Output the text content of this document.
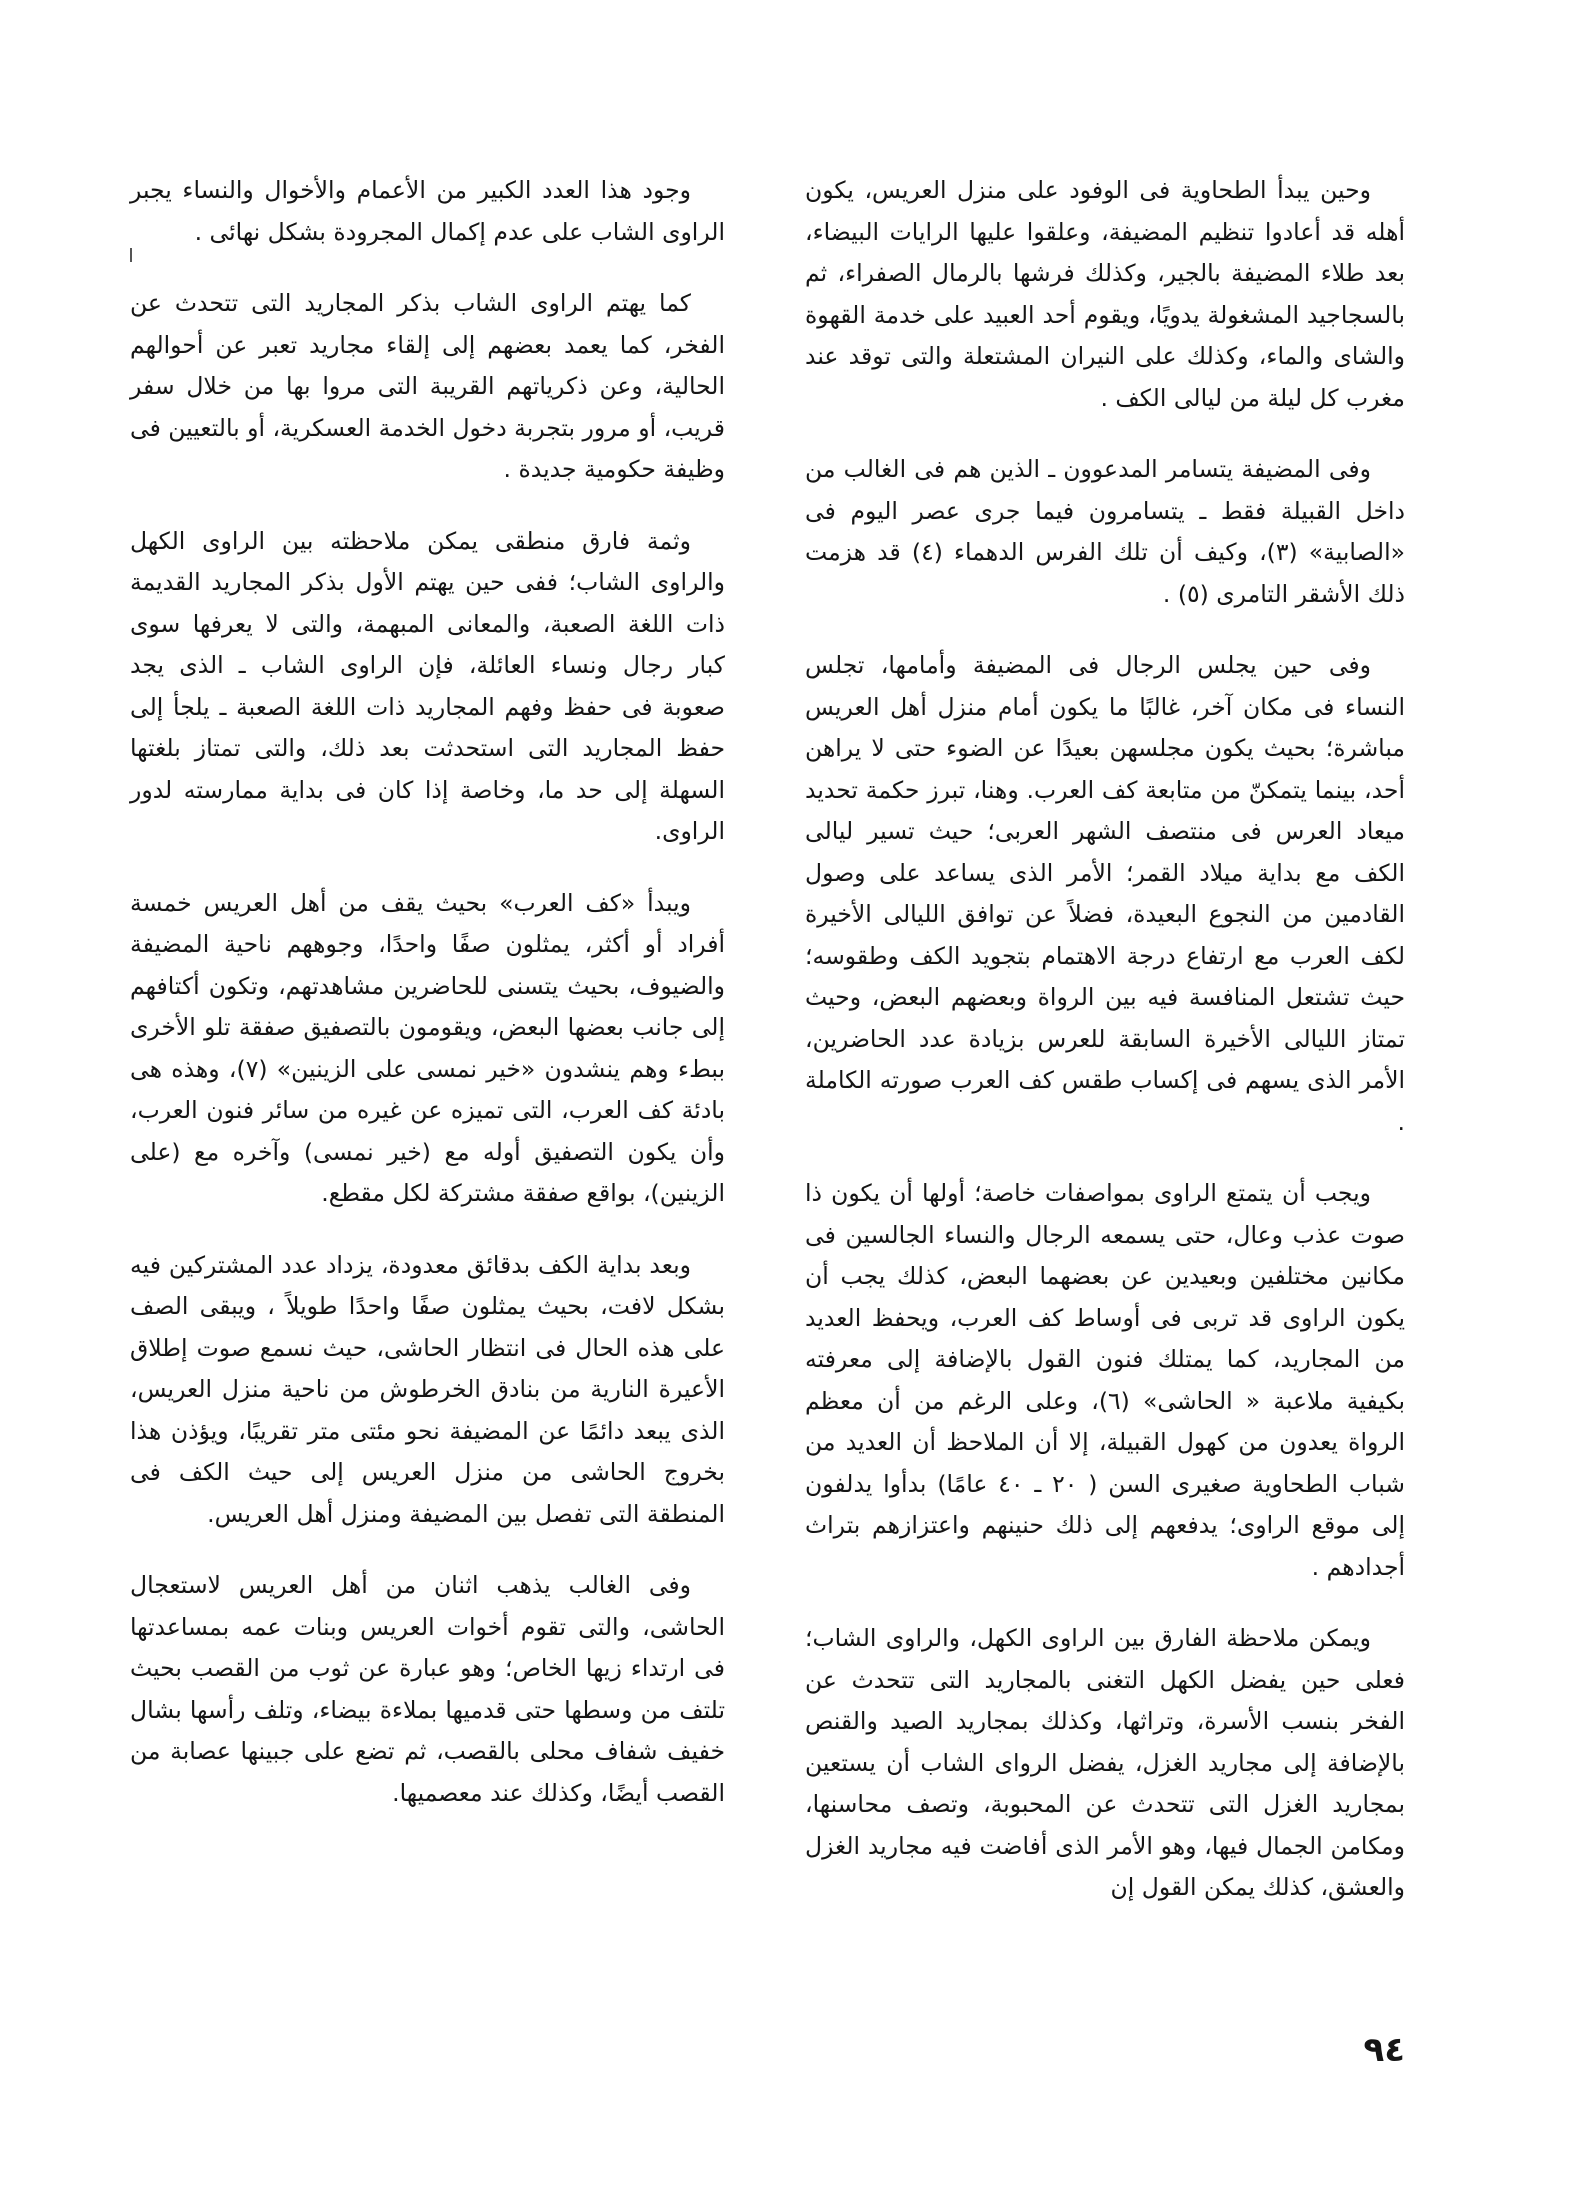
وحين يبدأ الطحاوية فى الوفود على منزل العريس، يكون أهله قد أعادوا تنظيم المضيفة، وعلقوا عليها الرايات البيضاء، بعد طلاء المضيفة بالجير، وكذلك فرشها بالرمال الصفراء، ثم بالسجاجيد المشغولة يدويًا، ويقوم أحد العبيد على خدمة القهوة والشاى والماء، وكذلك على النيران المشتعلة والتى توقد عند مغرب كل ليلة من ليالى الكف .

وفى المضيفة يتسامر المدعوون ـ الذين هم فى الغالب من داخل القبيلة فقط ـ يتسامرون فيما جرى عصر اليوم فى «الصابية» (٣)، وكيف أن تلك الفرس الدهماء (٤) قد هزمت ذلك الأشقر التامرى (٥) .

وفى حين يجلس الرجال فى المضيفة وأمامها، تجلس النساء فى مكان آخر، غالبًا ما يكون أمام منزل أهل العريس مباشرة؛ بحيث يكون مجلسهن بعيدًا عن الضوء حتى لا يراهن أحد، بينما يتمكنّ من متابعة كف العرب. وهنا، تبرز حكمة تحديد ميعاد العرس فى منتصف الشهر العربى؛ حيث تسير ليالى الكف مع بداية ميلاد القمر؛ الأمر الذى يساعد على وصول القادمين من النجوع البعيدة، فضلاً عن توافق الليالى الأخيرة لكف العرب مع ارتفاع درجة الاهتمام بتجويد الكف وطقوسه؛ حيث تشتعل المنافسة فيه بين الرواة وبعضهم البعض، وحيث تمتاز الليالى الأخيرة السابقة للعرس بزيادة عدد الحاضرين، الأمر الذى يسهم فى إكساب طقس كف العرب صورته الكاملة .

ويجب أن يتمتع الراوى بمواصفات خاصة؛ أولها أن يكون ذا صوت عذب وعال، حتى يسمعه الرجال والنساء الجالسين فى مكانين مختلفين وبعيدين عن بعضهما البعض، كذلك يجب أن يكون الراوى قد تربى فى أوساط كف العرب، ويحفظ العديد من المجاريد، كما يمتلك فنون القول بالإضافة إلى معرفته بكيفية ملاعبة « الحاشى» (٦)، وعلى الرغم من أن معظم الرواة يعدون من كهول القبيلة، إلا أن الملاحظ أن العديد من شباب الطحاوية صغيرى السن ( ٢٠ ـ ٤٠ عامًا) بدأوا يدلفون إلى موقع الراوى؛ يدفعهم إلى ذلك حنينهم واعتزازهم بتراث أجدادهم .

ويمكن ملاحظة الفارق بين الراوى الكهل، والراوى الشاب؛ فعلى حين يفضل الكهل التغنى بالمجاريد التى تتحدث عن الفخر بنسب الأسرة، وتراثها، وكذلك بمجاريد الصيد والقنص بالإضافة إلى مجاريد الغزل، يفضل الرواى الشاب أن يستعين بمجاريد الغزل التى تتحدث عن المحبوبة، وتصف محاسنها، ومكامن الجمال فيها، وهو الأمر الذى أفاضت فيه مجاريد الغزل والعشق، كذلك يمكن القول إن

وجود هذا العدد الكبير من الأعمام والأخوال والنساء يجبر الراوى الشاب على عدم إكمال المجرودة بشكل نهائى .

كما يهتم الراوى الشاب بذكر المجاريد التى تتحدث عن الفخر، كما يعمد بعضهم إلى إلقاء مجاريد تعبر عن أحوالهم الحالية، وعن ذكرياتهم القريبة التى مروا بها من خلال سفر قريب، أو مرور بتجربة دخول الخدمة العسكرية، أو بالتعيين فى وظيفة حكومية جديدة .

وثمة فارق منطقى يمكن ملاحظته بين الراوى الكهل والراوى الشاب؛ ففى حين يهتم الأول بذكر المجاريد القديمة ذات اللغة الصعبة، والمعانى المبهمة، والتى لا يعرفها سوى كبار رجال ونساء العائلة، فإن الراوى الشاب ـ الذى يجد صعوبة فى حفظ وفهم المجاريد ذات اللغة الصعبة ـ يلجأ إلى حفظ المجاريد التى استحدثت بعد ذلك، والتى تمتاز بلغتها السهلة إلى حد ما، وخاصة إذا كان فى بداية ممارسته لدور الراوى.

ويبدأ «كف العرب» بحيث يقف من أهل العريس خمسة أفراد أو أكثر، يمثلون صفًا واحدًا، وجوههم ناحية المضيفة والضيوف، بحيث يتسنى للحاضرين مشاهدتهم، وتكون أكتافهم إلى جانب بعضها البعض، ويقومون بالتصفيق صفقة تلو الأخرى ببطء وهم ينشدون «خير نمسى على الزينين» (٧)، وهذه هى بادئة كف العرب، التى تميزه عن غيره من سائر فنون العرب، وأن يكون التصفيق أوله مع (خير نمسى) وآخره مع (على الزينين)، بواقع صفقة مشتركة لكل مقطع.

وبعد بداية الكف بدقائق معدودة، يزداد عدد المشتركين فيه بشكل لافت، بحيث يمثلون صفًا واحدًا طويلاً ، ويبقى الصف على هذه الحال فى انتظار الحاشى، حيث نسمع صوت إطلاق الأعيرة النارية من بنادق الخرطوش من ناحية منزل العريس، الذى يبعد دائمًا عن المضيفة نحو مئتى متر تقريبًا، ويؤذن هذا بخروج الحاشى من منزل العريس إلى حيث الكف فى المنطقة التى تفصل بين المضيفة ومنزل أهل العريس.

وفى الغالب يذهب اثنان من أهل العريس لاستعجال الحاشى، والتى تقوم أخوات العريس وبنات عمه بمساعدتها فى ارتداء زيها الخاص؛ وهو عبارة عن ثوب من القصب بحيث تلتف من وسطها حتى قدميها بملاءة بيضاء، وتلف رأسها بشال خفيف شفاف محلى بالقصب، ثم تضع على جبينها عصابة من القصب أيضًا، وكذلك عند معصميها.

٩٤
